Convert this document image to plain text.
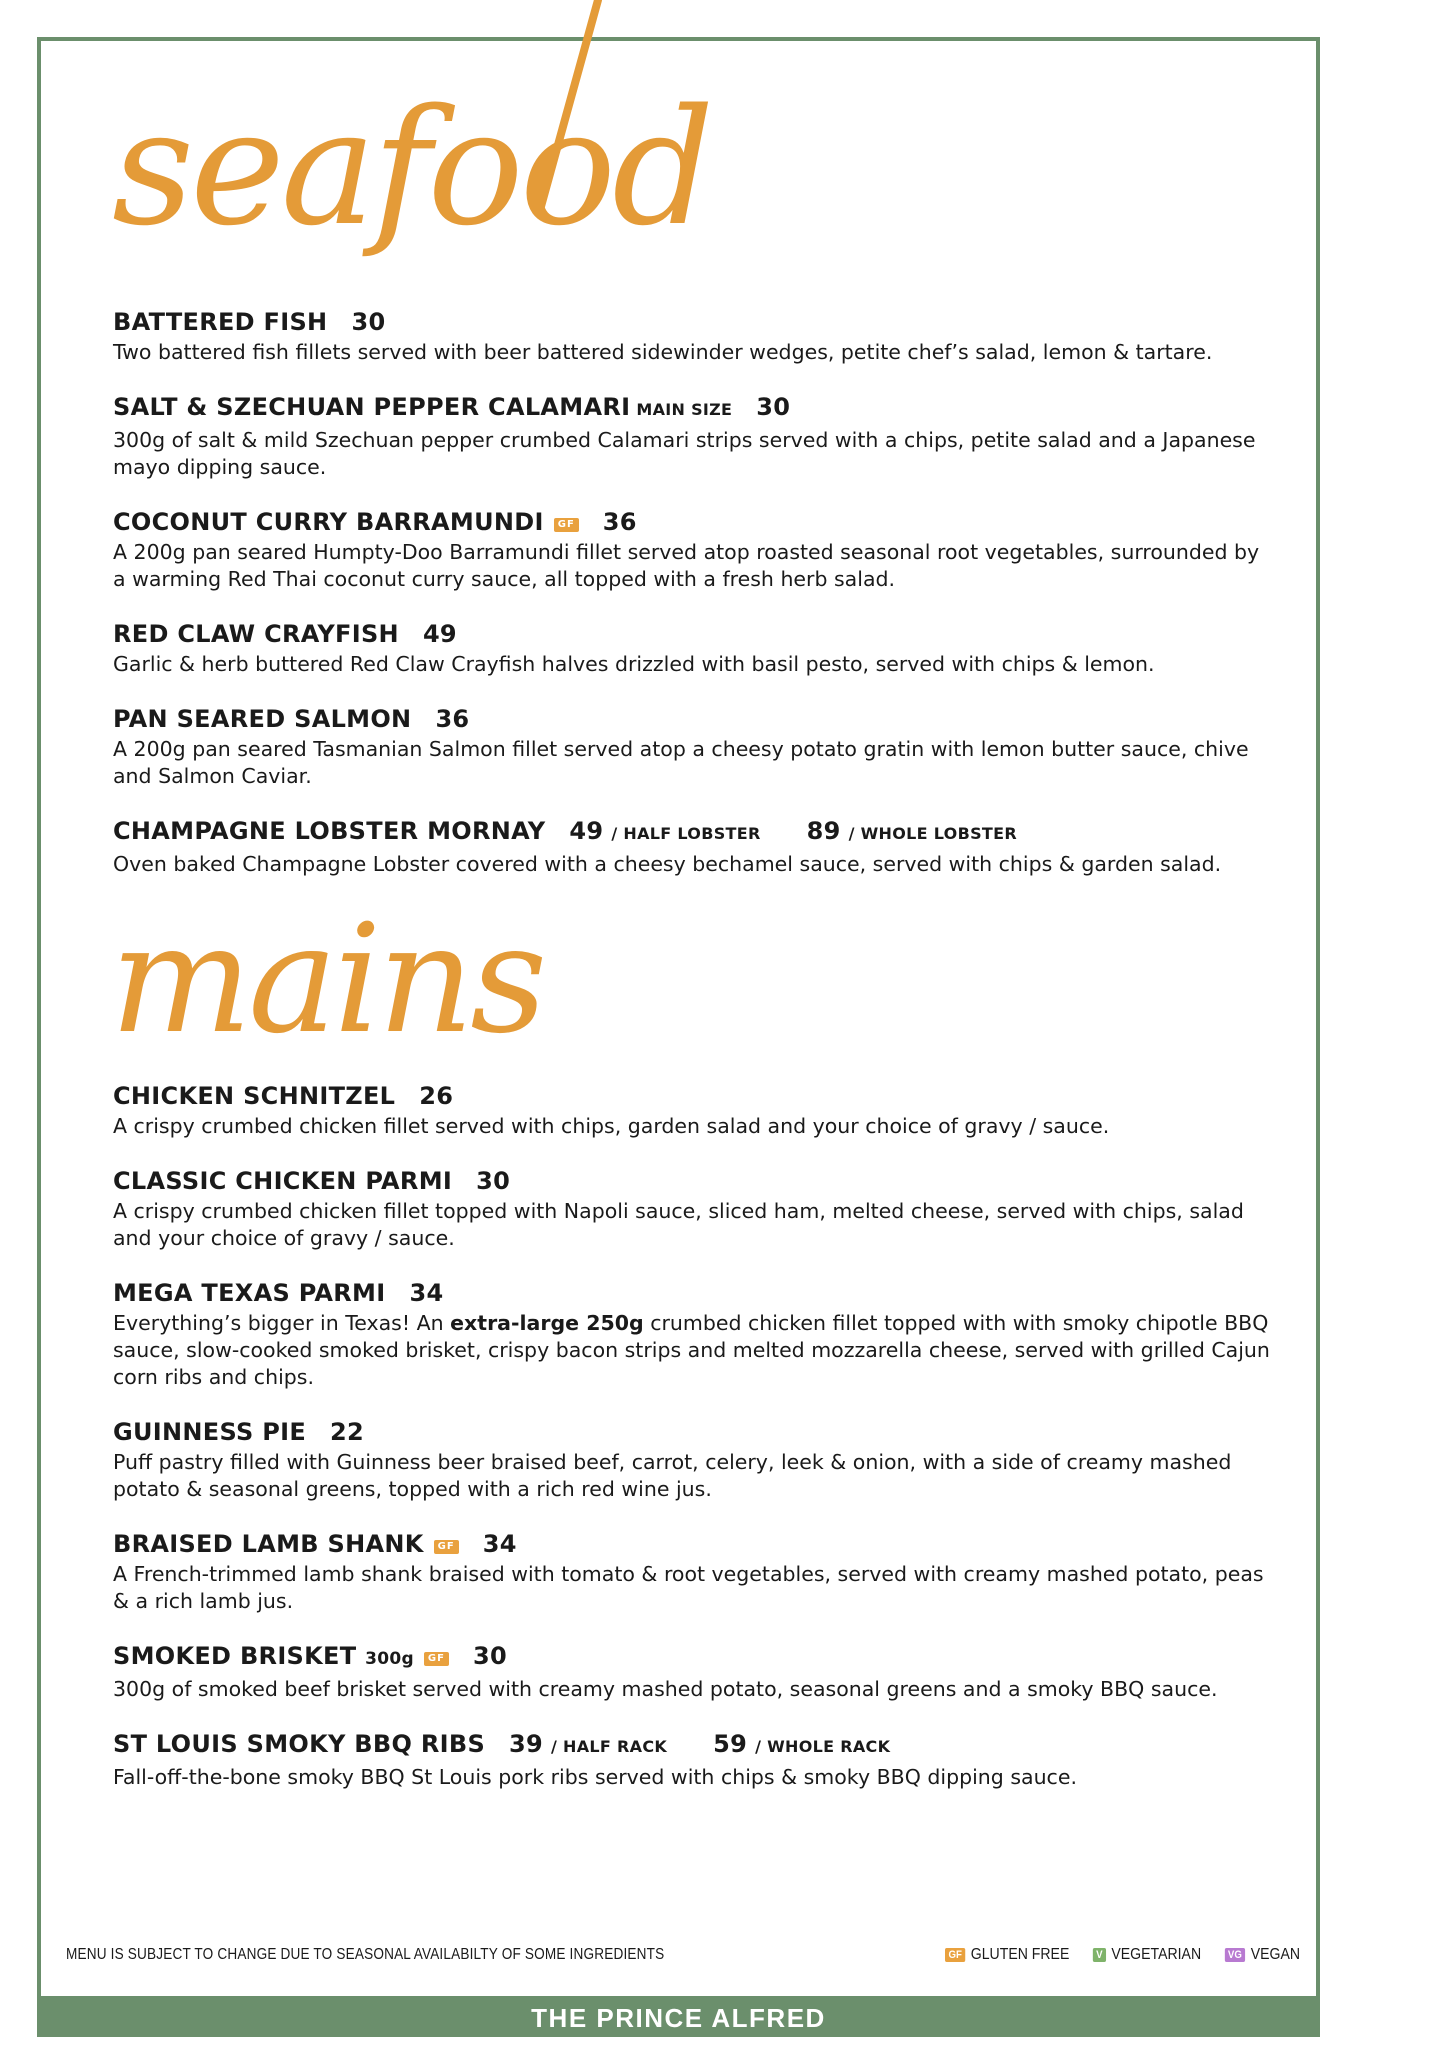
seafood
BATTERED FISH 30
Two battered fish fillets served with beer battered sidewinder wedges, petite chef’s salad, lemon & tartare.
SALT & SZECHUAN PEPPER CALAMARI MAIN SIZE 30
300g of salt & mild Szechuan pepper crumbed Calamari strips served with a chips, petite salad and a Japanese mayo dipping sauce.
COCONUT CURRY BARRAMUNDI GF 36
A 200g pan seared Humpty-Doo Barramundi fillet served atop roasted seasonal root vegetables, surrounded by a warming Red Thai coconut curry sauce, all topped with a fresh herb salad.
RED CLAW CRAYFISH 49
Garlic & herb buttered Red Claw Crayfish halves drizzled with basil pesto, served with chips & lemon.
PAN SEARED SALMON 36
A 200g pan seared Tasmanian Salmon fillet served atop a cheesy potato gratin with lemon butter sauce, chive and Salmon Caviar.
CHAMPAGNE LOBSTER MORNAY 49 / HALF LOBSTER 89 / WHOLE LOBSTER
Oven baked Champagne Lobster covered with a cheesy bechamel sauce, served with chips & garden salad.
mains
CHICKEN SCHNITZEL 26
A crispy crumbed chicken fillet served with chips, garden salad and your choice of gravy / sauce.
CLASSIC CHICKEN PARMI 30
A crispy crumbed chicken fillet topped with Napoli sauce, sliced ham, melted cheese, served with chips, salad and your choice of gravy / sauce.
MEGA TEXAS PARMI 34
Everything’s bigger in Texas! An extra-large 250g crumbed chicken fillet topped with with smoky chipotle BBQ sauce, slow-cooked smoked brisket, crispy bacon strips and melted mozzarella cheese, served with grilled Cajun corn ribs and chips.
GUINNESS PIE 22
Puff pastry filled with Guinness beer braised beef, carrot, celery, leek & onion, with a side of creamy mashed potato & seasonal greens, topped with a rich red wine jus.
BRAISED LAMB SHANK GF 34
A French-trimmed lamb shank braised with tomato & root vegetables, served with creamy mashed potato, peas & a rich lamb jus.
SMOKED BRISKET 300g GF 30
300g of smoked beef brisket served with creamy mashed potato, seasonal greens and a smoky BBQ sauce.
ST LOUIS SMOKY BBQ RIBS 39 / HALF RACK 59 / WHOLE RACK
Fall-off-the-bone smoky BBQ St Louis pork ribs served with chips & smoky BBQ dipping sauce.
MENU IS SUBJECT TO CHANGE DUE TO SEASONAL AVAILABILTY OF SOME INGREDIENTS	GF GLUTEN FREE V VEGETARIAN VG VEGAN
THE PRINCE ALFRED
